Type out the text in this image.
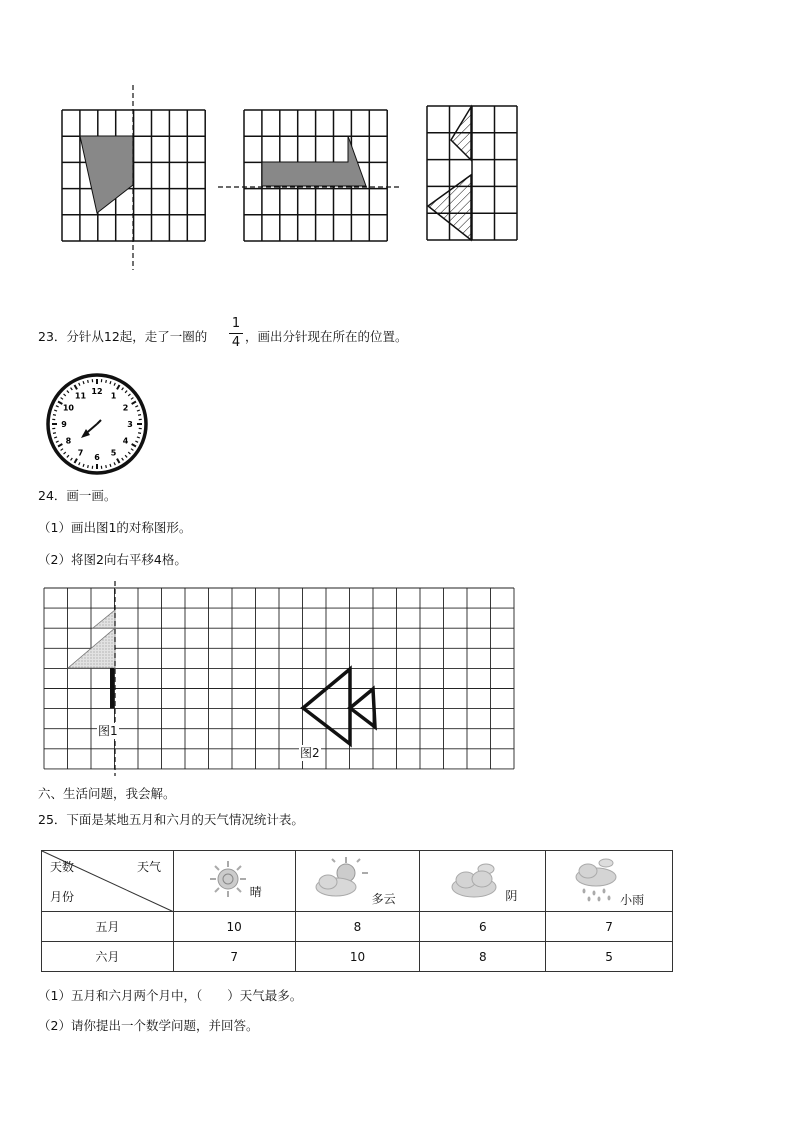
23．分针从12起，走了一圈的
1
4 ，画出分针现在所在的位置。
12 1
2
3
4
5
6
7
8
9
10
11
24．画一画。
（1）画出图1的对称图形。
（2）将图2向右平移4格。
图1
图2
六、生活问题，我会解。
25．下面是某地五月和六月的天气情况统计表。
天数 天气
月份	晴	多云	阴	小雨

五月	10	8	6	7
六月	7	10	8	5
（1）五月和六月两个月中，（　　）天气最多。
（2）请你提出一个数学问题，并回答。
